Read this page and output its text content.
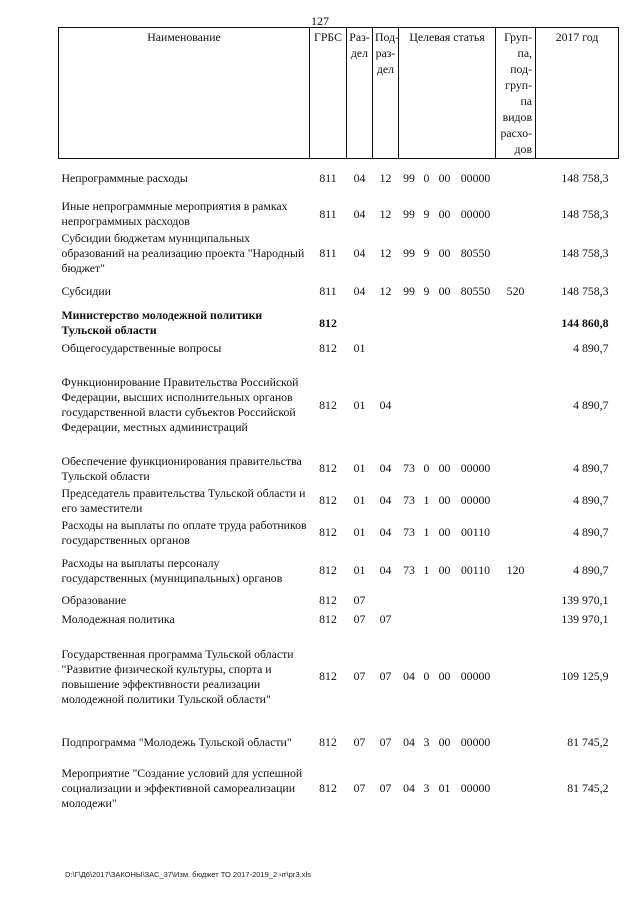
127
Наименование	ГРБС	Раз-дел	Под-раз-дел	Целевая статья				Груп-па, под-груп-па видов расхо-дов	2017 год
Непрограммные расходы	811	04	12	99	0	00	00000		148 758,3
Иные непрограммные мероприятия в рамках непрограммных расходов	811	04	12	99	9	00	00000		148 758,3
Субсидии бюджетам муниципальных образований на реализацию проекта "Народный бюджет"	811	04	12	99	9	00	80550		148 758,3
Субсидии	811	04	12	99	9	00	80550	520	148 758,3
Министерство молодежной политики Тульской области	812								144 860,8
Общегосударственные вопросы	812	01							4 890,7
Функционирование Правительства Российской Федерации, высших исполнительных органов государственной власти субъектов Российской Федерации, местных администраций	812	01	04						4 890,7
Обеспечение функционирования правительства Тульской области	812	01	04	73	0	00	00000		4 890,7
Председатель правительства Тульской области и его заместители	812	01	04	73	1	00	00000		4 890,7
Расходы на выплаты по оплате труда работников государственных органов	812	01	04	73	1	00	00110		4 890,7
Расходы на выплаты персоналу государственных (муниципальных) органов	812	01	04	73	1	00	00110	120	4 890,7
Образование	812	07							139 970,1
Молодежная политика	812	07	07						139 970,1
Государственная программа Тульской области "Развитие физической культуры, спорта и повышение эффективности реализации молодежной политики Тульской области"	812	07	07	04	0	00	00000		109 125,9
Подпрограмма "Молодежь Тульской области"	812	07	07	04	3	00	00000		81 745,2
Мероприятие "Создание условий для успешной социализации и эффективной самореализации молодежи"	812	07	07	04	3	01	00000		81 745,2
D:\Г\Д6\2017\ЗАКОНЫ\ЗАС_37\Изм. бюджет ТО 2017-2019_2 чт\рг3.xls
